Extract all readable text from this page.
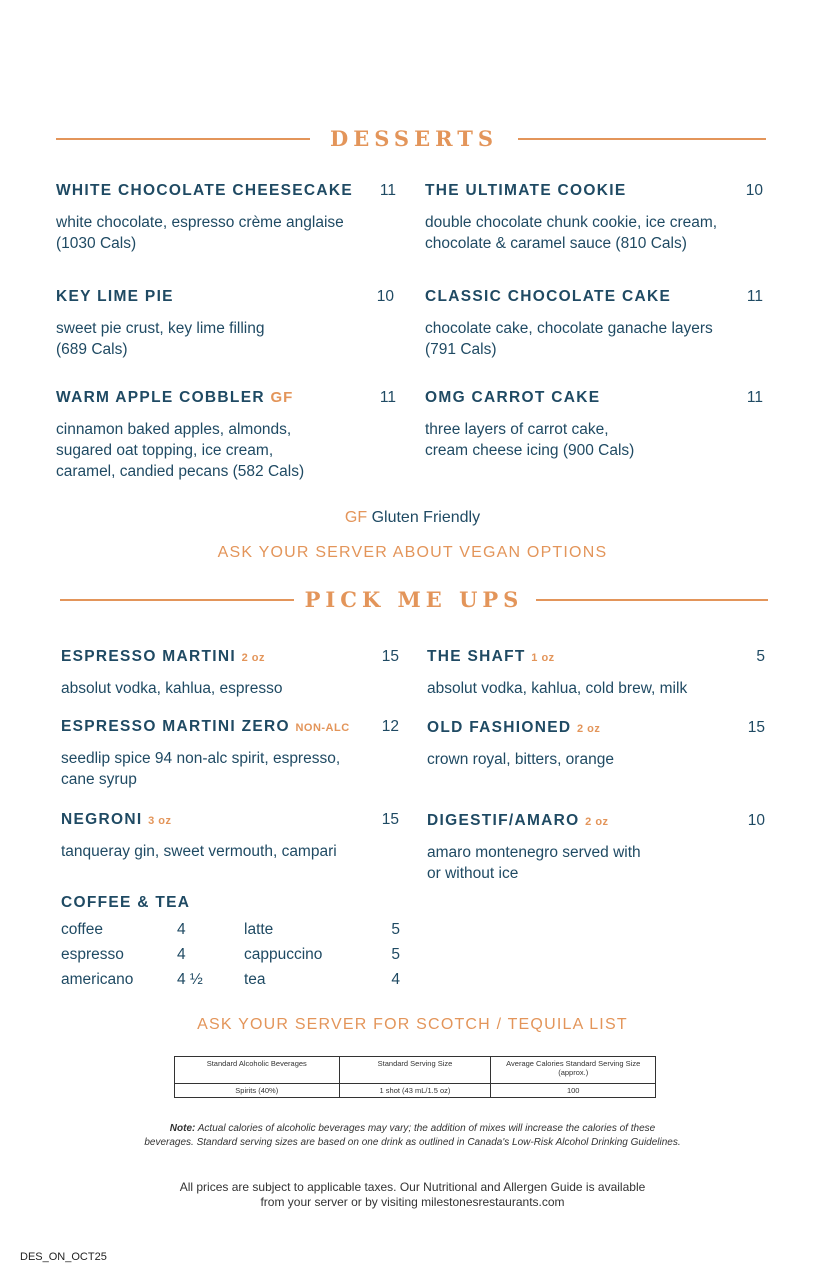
DESSERTS
WHITE CHOCOLATE CHEESECAKE 11
white chocolate, espresso crème anglaise
(1030 Cals)
THE ULTIMATE COOKIE	10
double chocolate chunk cookie, ice cream,
chocolate & caramel sauce (810 Cals)
KEY LIME PIE	10
sweet pie crust, key lime filling
(689 Cals)
CLASSIC CHOCOLATE CAKE	11
chocolate cake, chocolate ganache layers
(791 Cals)
WARM APPLE COBBLER GF	11
cinnamon baked apples, almonds,
sugared oat topping, ice cream,
caramel, candied pecans (582 Cals)
OMG CARROT CAKE	11
three layers of carrot cake,
cream cheese icing (900 Cals)
GF Gluten Friendly
ASK YOUR SERVER ABOUT VEGAN OPTIONS
PICK ME UPS
ESPRESSO MARTINI 2 oz	15
absolut vodka, kahlua, espresso
THE SHAFT 1 oz	5
absolut vodka, kahlua, cold brew, milk
ESPRESSO MARTINI ZERO NON-ALC 12
seedlip spice 94 non-alc spirit, espresso,
cane syrup
OLD FASHIONED 2 oz	15
crown royal, bitters, orange
NEGRONI 3 oz	15
tanqueray gin, sweet vermouth, campari
DIGESTIF/AMARO 2 oz	10
amaro montenegro served with
or without ice
COFFEE & TEA
coffee	4	latte	5
espresso	4	cappuccino	5
americano	4 ½	tea	4
ASK YOUR SERVER FOR SCOTCH / TEQUILA LIST
Standard Alcoholic Beverages	Standard Serving Size	Average Calories Standard Serving Size (approx.)
Spirits (40%)	1 shot (43 mL/1.5 oz)	100
Note: Actual calories of alcoholic beverages may vary; the addition of mixes will increase the calories of these
beverages. Standard serving sizes are based on one drink as outlined in Canada's Low-Risk Alcohol Drinking Guidelines.
All prices are subject to applicable taxes. Our Nutritional and Allergen Guide is available
from your server or by visiting milestonesrestaurants.com
DES_ON_OCT25
